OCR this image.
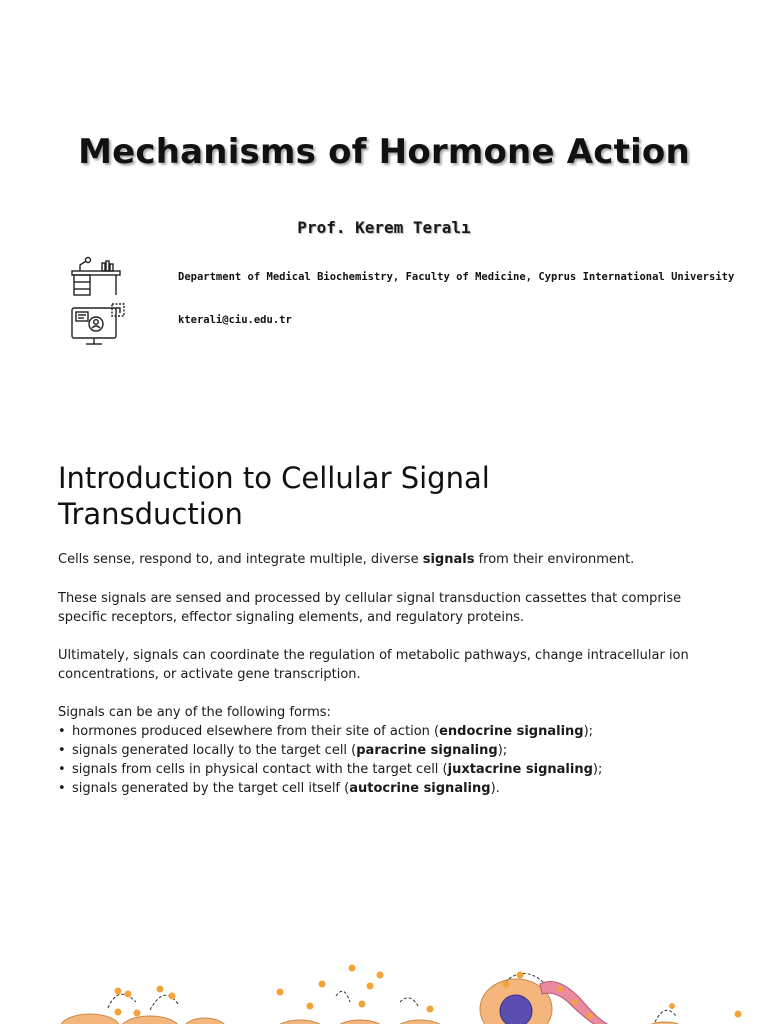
Mechanisms of Hormone Action
Prof. Kerem Teralı
Department of Medical Biochemistry, Faculty of Medicine, Cyprus International University
kterali@ciu.edu.tr
Introduction to Cellular Signal
Transduction

Cells sense, respond to, and integrate multiple, diverse signals from their environment.

These signals are sensed and processed by cellular signal transduction cassettes that comprise specific receptors, effector signaling elements, and regulatory proteins.

Ultimately, signals can coordinate the regulation of metabolic pathways, change intracellular ion concentrations, or activate gene transcription.

Signals can be any of the following forms:
• hormones produced elsewhere from their site of action (endocrine signaling);
• signals generated locally to the target cell (paracrine signaling);
• signals from cells in physical contact with the target cell (juxtacrine signaling);
• signals generated by the target cell itself (autocrine signaling).
